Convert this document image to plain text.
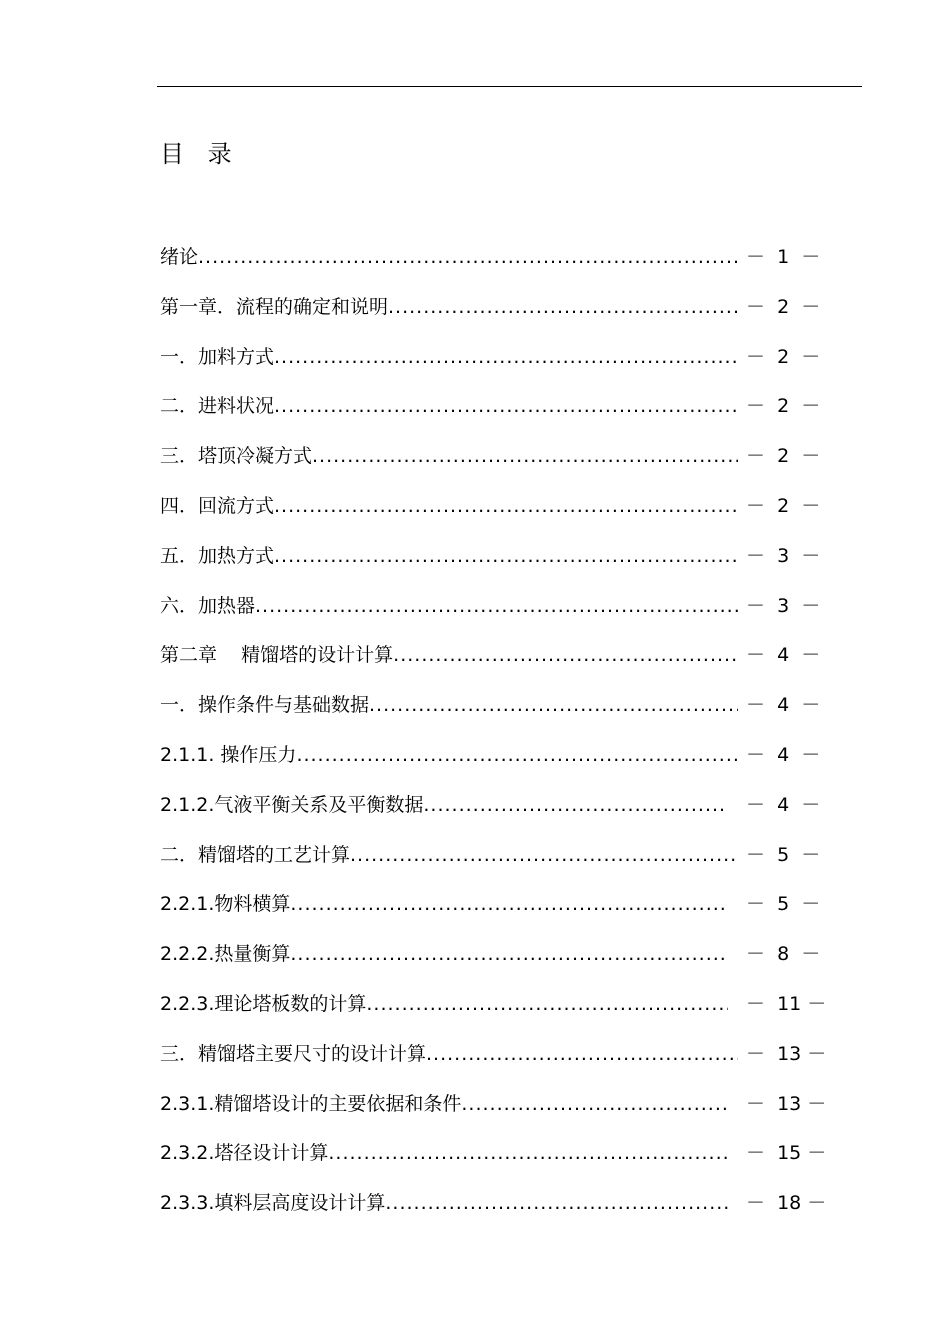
目 录
绪论 .....	－  1  －
第一章．流程的确定和说明 .....	－  2  －
一．加料方式 .....	－  2  －
二．进料状况 .....	－  2  －
三．塔顶冷凝方式 .....	－  2  －
四．回流方式 .....	－  2  －
五．加热方式 .....	－  3  －
六．加热器 .....	－  3  －
第二章    精馏塔的设计计算 .....	－  4  －
一．操作条件与基础数据 .....	－  4  －
2.1.1. 操作压力 .....	－  4  －
2.1.2.气液平衡关系及平衡数据 .....	－  4  －
二．精馏塔的工艺计算 .....	－  5  －
2.2.1.物料横算 .....	－  5  －
2.2.2.热量衡算 .....	－  8  －
2.2.3.理论塔板数的计算 .....	－  11 －
三．精馏塔主要尺寸的设计计算 .....	－  13 －
2.3.1.精馏塔设计的主要依据和条件 .....	－  13 －
2.3.2.塔径设计计算 .....	－  15 －
2.3.3.填料层高度设计计算 .....	－  18 －
